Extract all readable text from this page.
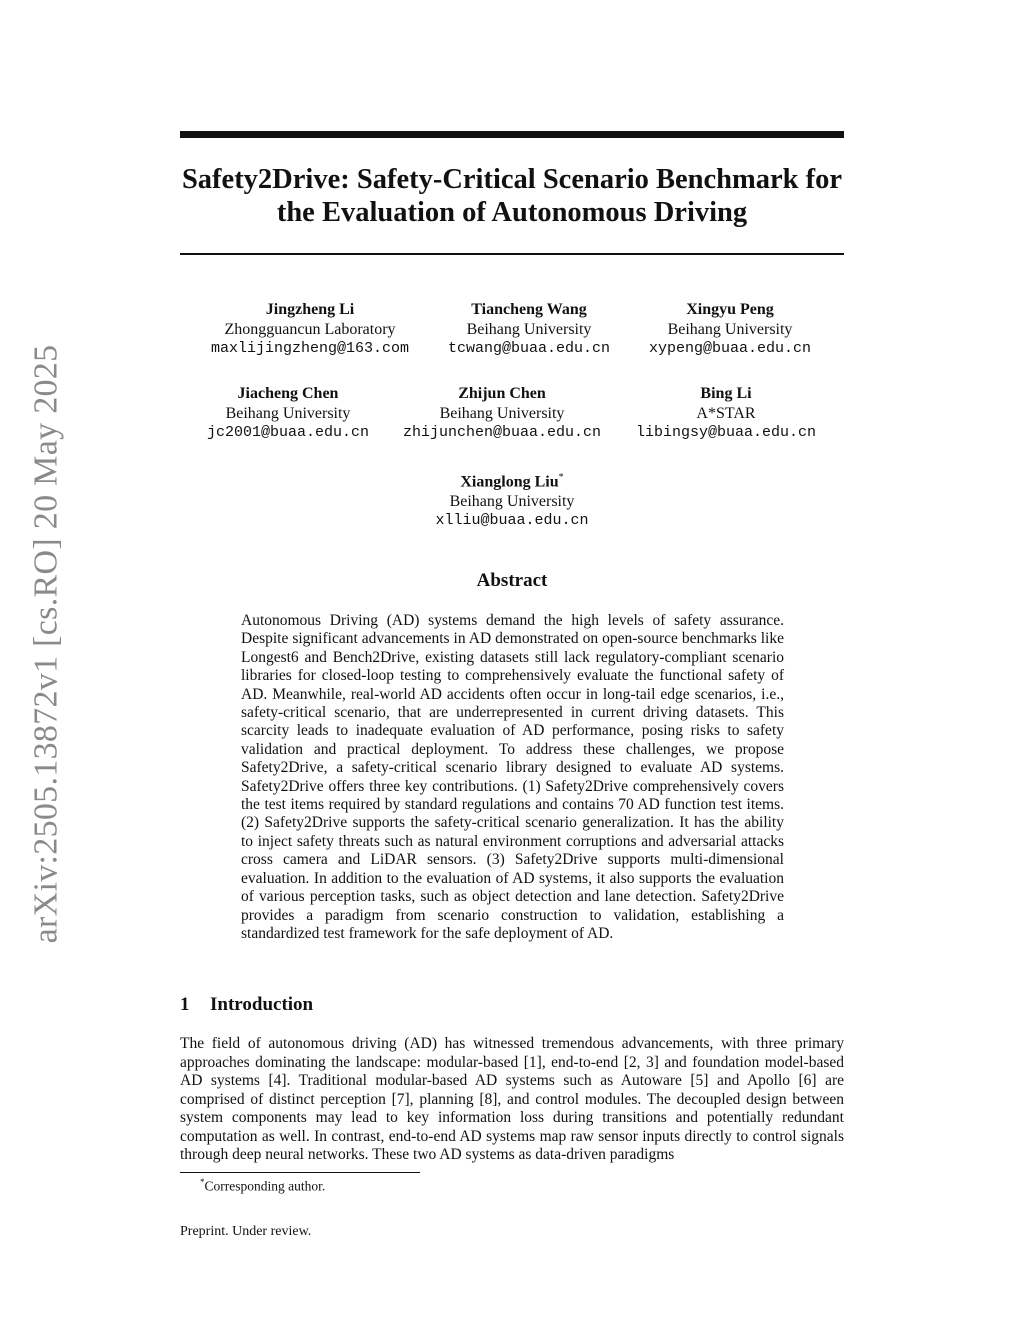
arXiv:2505.13872v1 [cs.RO] 20 May 2025
Safety2Drive: Safety-Critical Scenario Benchmark for the Evaluation of Autonomous Driving
Jingzheng Li
Zhongguancun Laboratory
maxlijingzheng@163.com
Tiancheng Wang
Beihang University
tcwang@buaa.edu.cn
Xingyu Peng
Beihang University
xypeng@buaa.edu.cn
Jiacheng Chen
Beihang University
jc2001@buaa.edu.cn
Zhijun Chen
Beihang University
zhijunchen@buaa.edu.cn
Bing Li
A*STAR
libingsy@buaa.edu.cn
Xianglong Liu*
Beihang University
xlliu@buaa.edu.cn
Abstract
Autonomous Driving (AD) systems demand the high levels of safety assurance. Despite significant advancements in AD demonstrated on open-source benchmarks like Longest6 and Bench2Drive, existing datasets still lack regulatory-compliant scenario libraries for closed-loop testing to comprehensively evaluate the functional safety of AD. Meanwhile, real-world AD accidents often occur in long-tail edge scenarios, i.e., safety-critical scenario, that are underrepresented in current driving datasets. This scarcity leads to inadequate evaluation of AD performance, posing risks to safety validation and practical deployment. To address these challenges, we propose Safety2Drive, a safety-critical scenario library designed to evaluate AD systems. Safety2Drive offers three key contributions. (1) Safety2Drive comprehensively covers the test items required by standard regulations and contains 70 AD function test items. (2) Safety2Drive supports the safety-critical scenario generalization. It has the ability to inject safety threats such as natural environment corruptions and adversarial attacks cross camera and LiDAR sensors. (3) Safety2Drive supports multi-dimensional evaluation. In addition to the evaluation of AD systems, it also supports the evaluation of various perception tasks, such as object detection and lane detection. Safety2Drive provides a paradigm from scenario construction to validation, establishing a standardized test framework for the safe deployment of AD.
1 Introduction
The field of autonomous driving (AD) has witnessed tremendous advancements, with three primary approaches dominating the landscape: modular-based [1], end-to-end [2, 3] and foundation model-based AD systems [4]. Traditional modular-based AD systems such as Autoware [5] and Apollo [6] are comprised of distinct perception [7], planning [8], and control modules. The decoupled design between system components may lead to key information loss during transitions and potentially redundant computation as well. In contrast, end-to-end AD systems map raw sensor inputs directly to control signals through deep neural networks. These two AD systems as data-driven paradigms
*Corresponding author.
Preprint. Under review.
